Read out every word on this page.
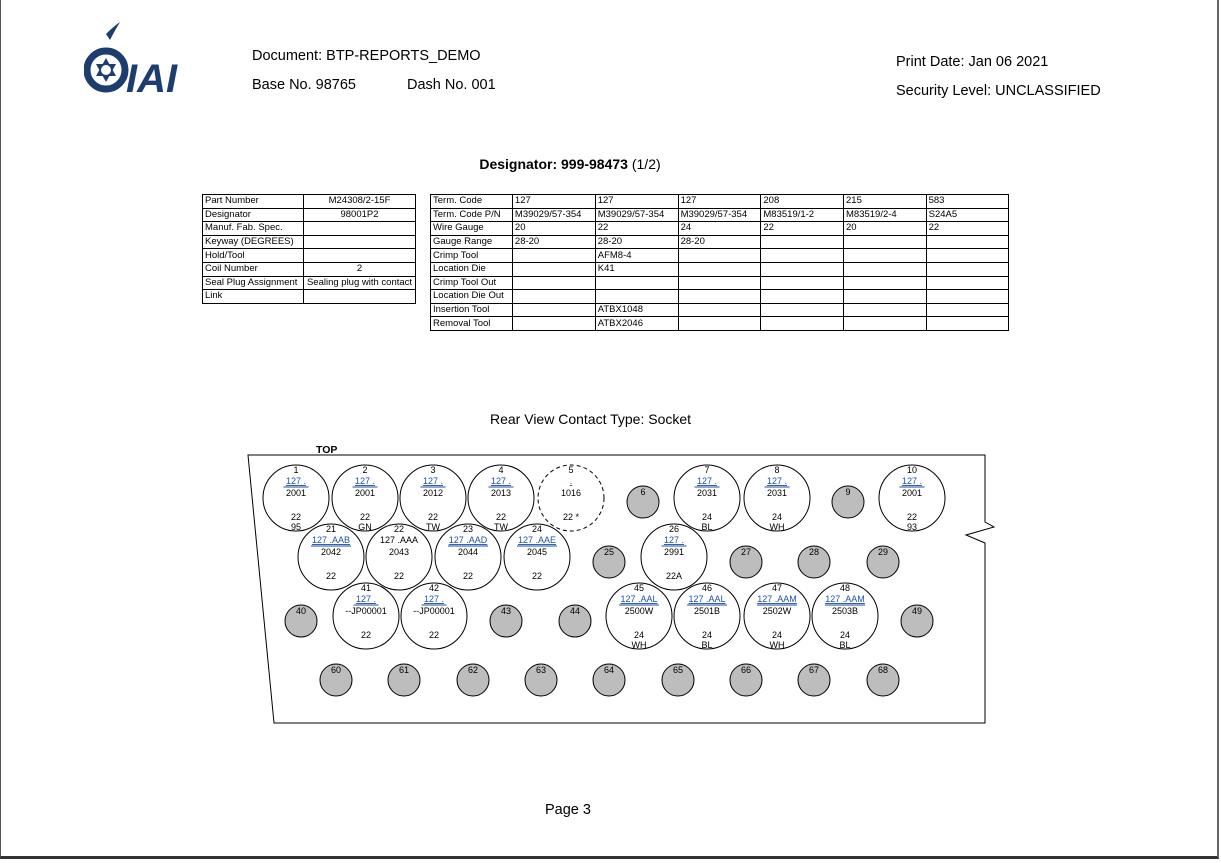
IAI
Document: BTP-REPORTS_DEMO
Base No. 98765	Dash No. 001
Print Date: Jan 06 2021
Security Level: UNCLASSIFIED
Designator: 999-98473 (1/2)
Part Number	M24308/2-15F
Designator	98001P2
Manuf. Fab. Spec.	
Keyway (DEGREES)	
Hold/Tool	
Coil Number	2
Seal Plug Assignment	Sealing plug with contact
Link	
Term. Code	127	127	127	208	215	583
Term. Code P/N	M39029/57-354	M39029/57-354	M39029/57-354	M83519/1-2	M83519/2-4	S24A5
Wire Gauge	20	22	24	22	20	22
Gauge Range	28-20	28-20	28-20			
Crimp Tool		AFM8-4				
Location Die		K41				
Crimp Tool Out						
Location Die Out						
Insertion Tool		ATBX1048				
Removal Tool		ATBX2046				
Rear View Contact Type: Socket
TOP
1
127 .
2001
22
95
2
127 .
2001
22
GN
3
127 .
2012
22
TW
4
127 .
2013
22
TW
5
.
1016
22 *
7
127 .
2031
24
BL
8
127 .
2031
24
WH
10
127 .
2001
22
93
21
127 .AAB
2042
22
22
127 .AAA
2043
22
23
127 .AAD
2044
22
24
127 .AAE
2045
22
26
127 .
2991
22A
41
127 .
--JP00001
22
42
127 .
--JP00001
22
45
127 .AAL
2500W
24
WH
46
127 .AAL
2501B
24
BL
47
127 .AAM
2502W
24
WH
48
127 .AAM
2503B
24
BL
6	9
25	27	28	29
40	43	44	49
60	61	62	63	64	65	66	67	68
Page 3
